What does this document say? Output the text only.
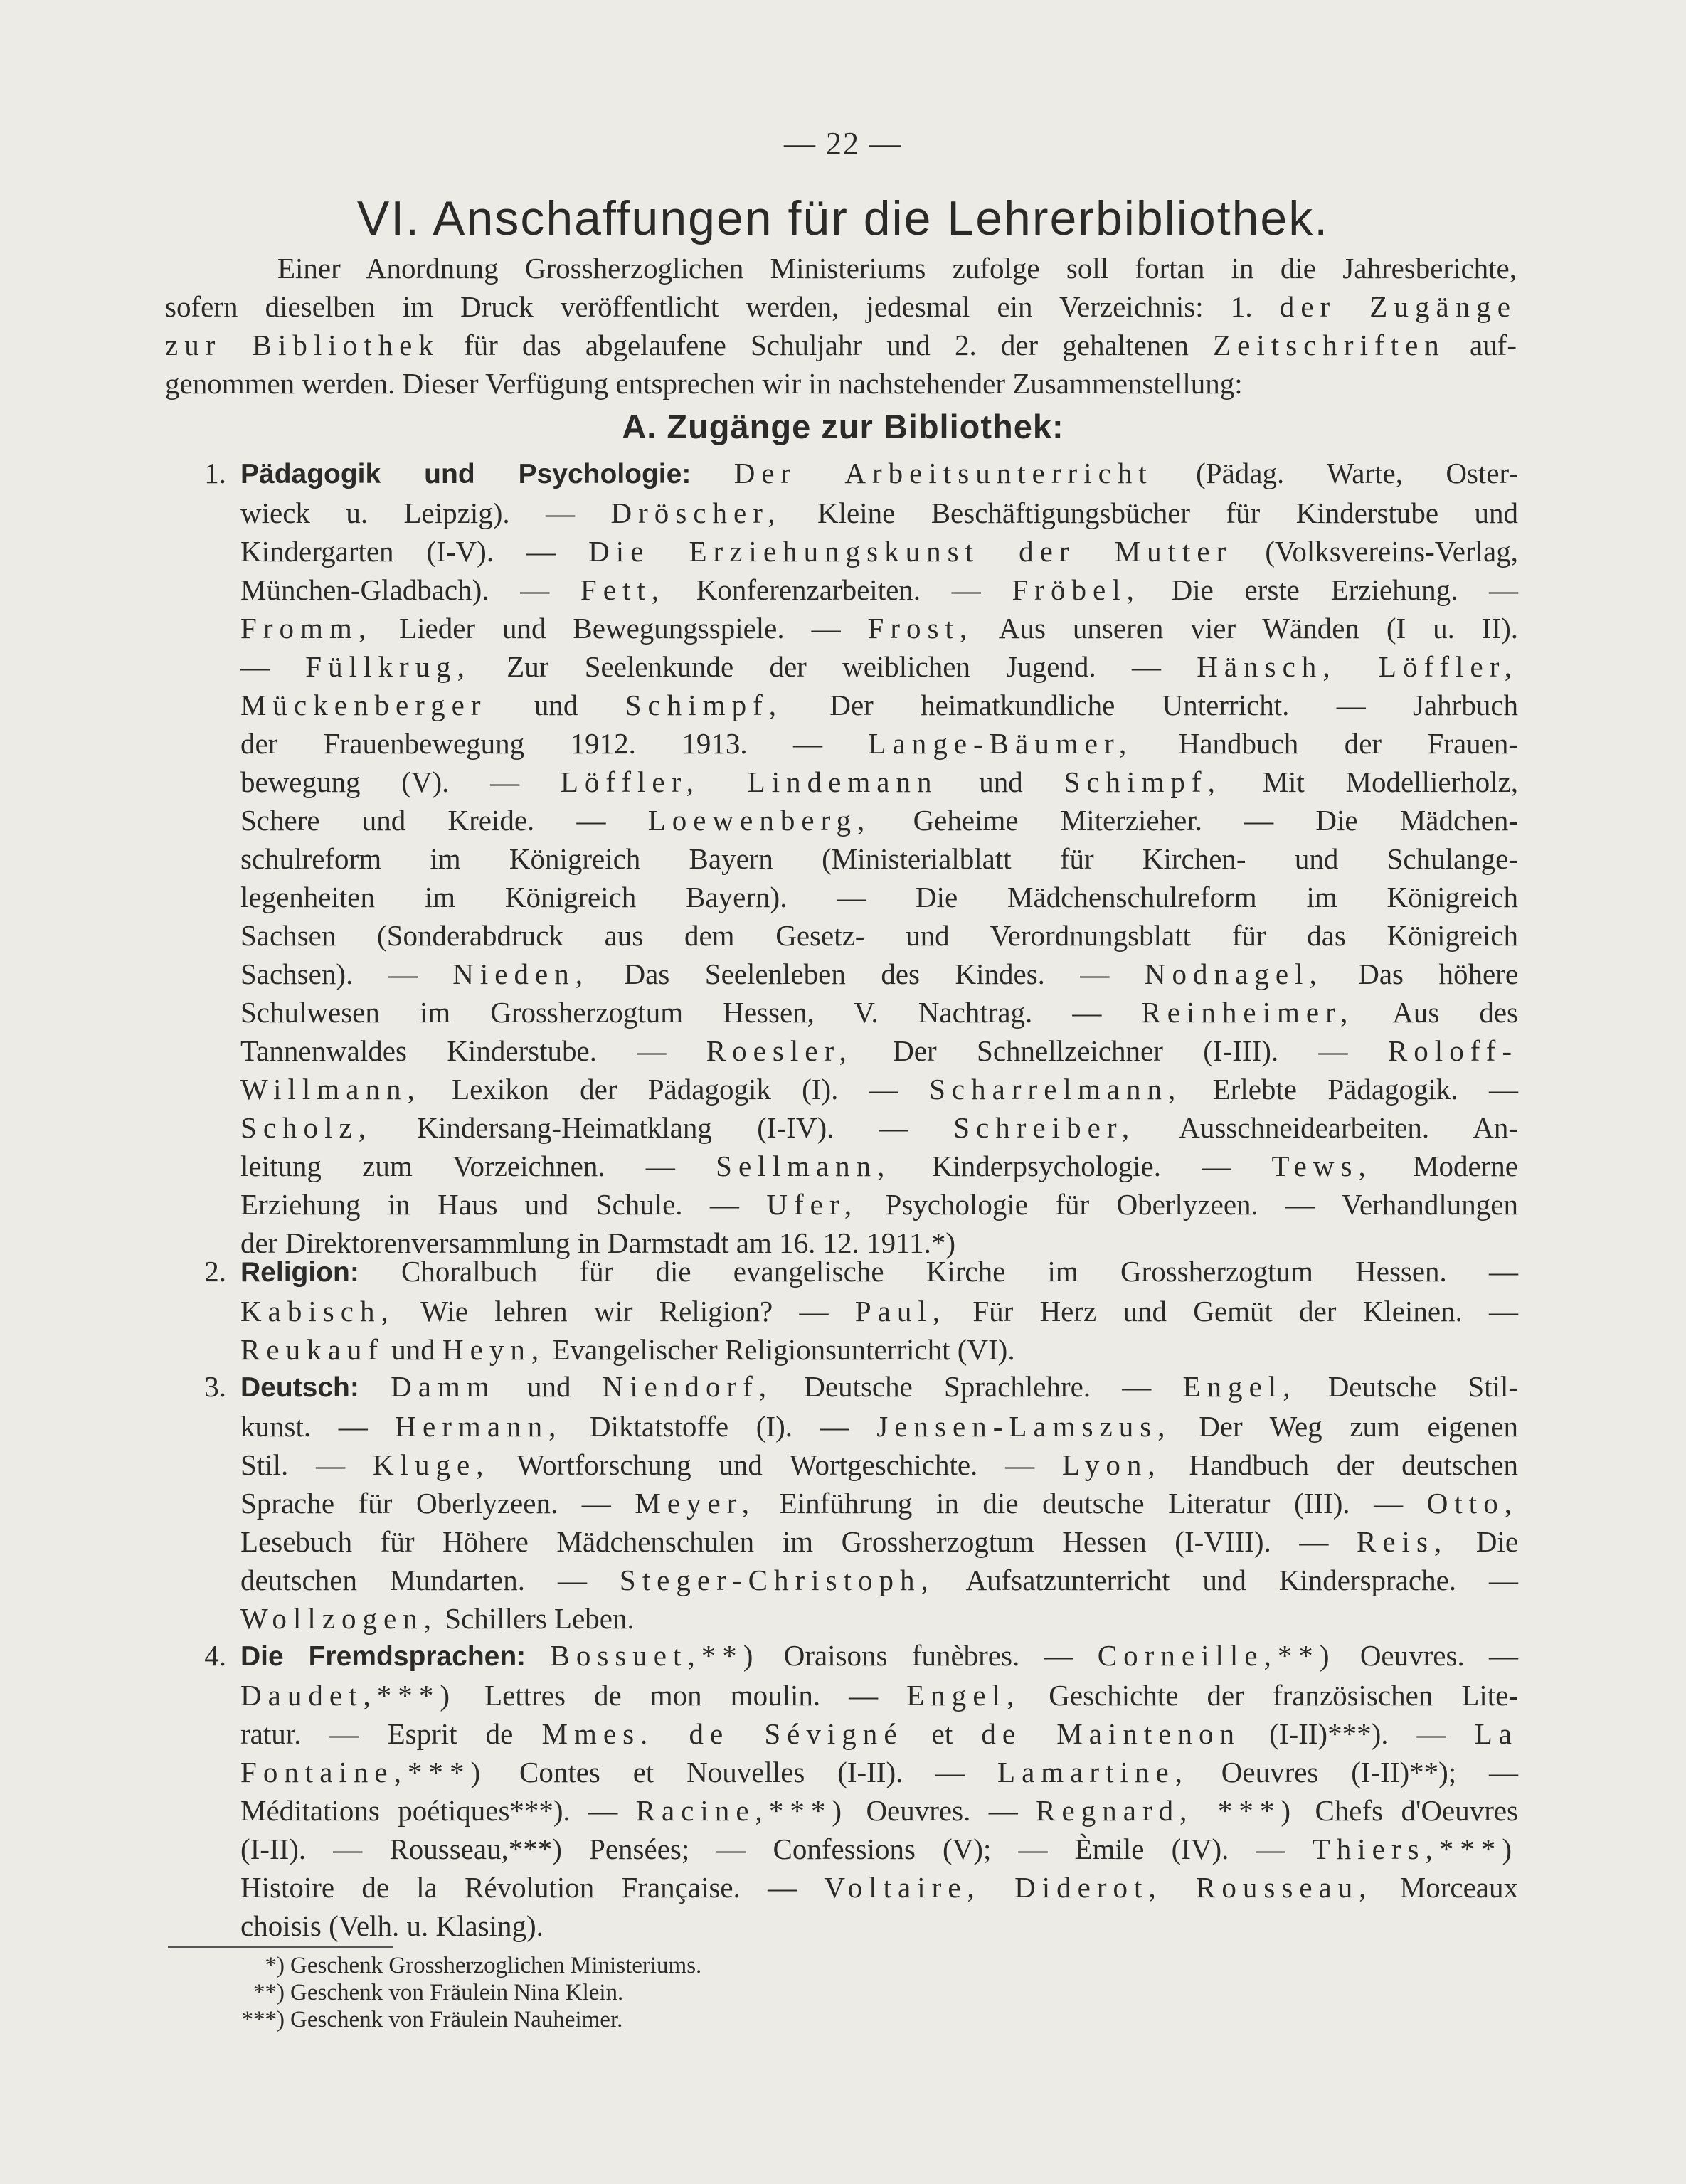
— 22 —
VI. Anschaffungen für die Lehrerbibliothek.

Einer Anordnung Grossherzoglichen Ministeriums zufolge soll fortan in die Jahresberichte,

sofern dieselben im Druck veröffentlicht werden, jedesmal ein Verzeichnis: 1. der Zugänge

zur Bibliothek für das abgelaufene Schuljahr und 2. der gehaltenen Zeitschriften auf-

genommen werden. Dieser Verfügung entsprechen wir in nachstehender Zusammenstellung:

A. Zugänge zur Bibliothek:
1. Pädagogik und Psychologie: Der Arbeitsunterricht (Pädag. Warte, Oster-

wieck u. Leipzig). — Dröscher, Kleine Beschäftigungsbücher für Kinderstube und

Kindergarten (I-V). — Die Erziehungskunst der Mutter (Volksvereins-Verlag,

München-Gladbach). — Fett, Konferenzarbeiten. — Fröbel, Die erste Erziehung. —

Fromm, Lieder und Bewegungsspiele. — Frost, Aus unseren vier Wänden (I u. II).

— Füllkrug, Zur Seelenkunde der weiblichen Jugend. — Hänsch, Löffler,

Mückenberger und Schimpf, Der heimatkundliche Unterricht. — Jahrbuch

der Frauenbewegung 1912. 1913. — Lange-Bäumer, Handbuch der Frauen-

bewegung (V). — Löffler, Lindemann und Schimpf, Mit Modellierholz,

Schere und Kreide. — Loewenberg, Geheime Miterzieher. — Die Mädchen-

schulreform im Königreich Bayern (Ministerialblatt für Kirchen- und Schulange-

legenheiten im Königreich Bayern). — Die Mädchenschulreform im Königreich

Sachsen (Sonderabdruck aus dem Gesetz- und Verordnungsblatt für das Königreich

Sachsen). — Nieden, Das Seelenleben des Kindes. — Nodnagel, Das höhere

Schulwesen im Grossherzogtum Hessen, V. Nachtrag. — Reinheimer, Aus des

Tannenwaldes Kinderstube. — Roesler, Der Schnellzeichner (I-III). — Roloff-

Willmann, Lexikon der Pädagogik (I). — Scharrelmann, Erlebte Pädagogik. —

Scholz, Kindersang-Heimatklang (I-IV). — Schreiber, Ausschneidearbeiten. An-

leitung zum Vorzeichnen. — Sellmann, Kinderpsychologie. — Tews, Moderne

Erziehung in Haus und Schule. — Ufer, Psychologie für Oberlyzeen. — Verhandlungen

der Direktorenversammlung in Darmstadt am 16. 12. 1911.*)

2. Religion: Choralbuch für die evangelische Kirche im Grossherzogtum Hessen. —

Kabisch, Wie lehren wir Religion? — Paul, Für Herz und Gemüt der Kleinen. —

Reukauf und Heyn, Evangelischer Religionsunterricht (VI).

3. Deutsch: Damm und Niendorf, Deutsche Sprachlehre. — Engel, Deutsche Stil-

kunst. — Hermann, Diktatstoffe (I). — Jensen-Lamszus, Der Weg zum eigenen

Stil. — Kluge, Wortforschung und Wortgeschichte. — Lyon, Handbuch der deutschen

Sprache für Oberlyzeen. — Meyer, Einführung in die deutsche Literatur (III). — Otto,

Lesebuch für Höhere Mädchenschulen im Grossherzogtum Hessen (I-VIII). — Reis, Die

deutschen Mundarten. — Steger-Christoph, Aufsatzunterricht und Kindersprache. —

Wollzogen, Schillers Leben.

4. Die Fremdsprachen: Bossuet,**) Oraisons funèbres. — Corneille,**) Oeuvres. —

Daudet,***) Lettres de mon moulin. — Engel, Geschichte der französischen Lite-

ratur. — Esprit de Mmes. de Sévigné et de Maintenon (I-II)***). — La

Fontaine,***) Contes et Nouvelles (I-II). — Lamartine, Oeuvres (I-II)**); —

Méditations poétiques***). — Racine,***) Oeuvres. — Regnard, ***) Chefs d'Oeuvres

(I-II). — Rousseau,***) Pensées; — Confessions (V); — Èmile (IV). — Thiers,***)

Histoire de la Révolution Française. — Voltaire, Diderot, Rousseau, Morceaux

choisis (Velh. u. Klasing).

*) Geschenk Grossherzoglichen Ministeriums.
**) Geschenk von Fräulein Nina Klein.
***) Geschenk von Fräulein Nauheimer.
